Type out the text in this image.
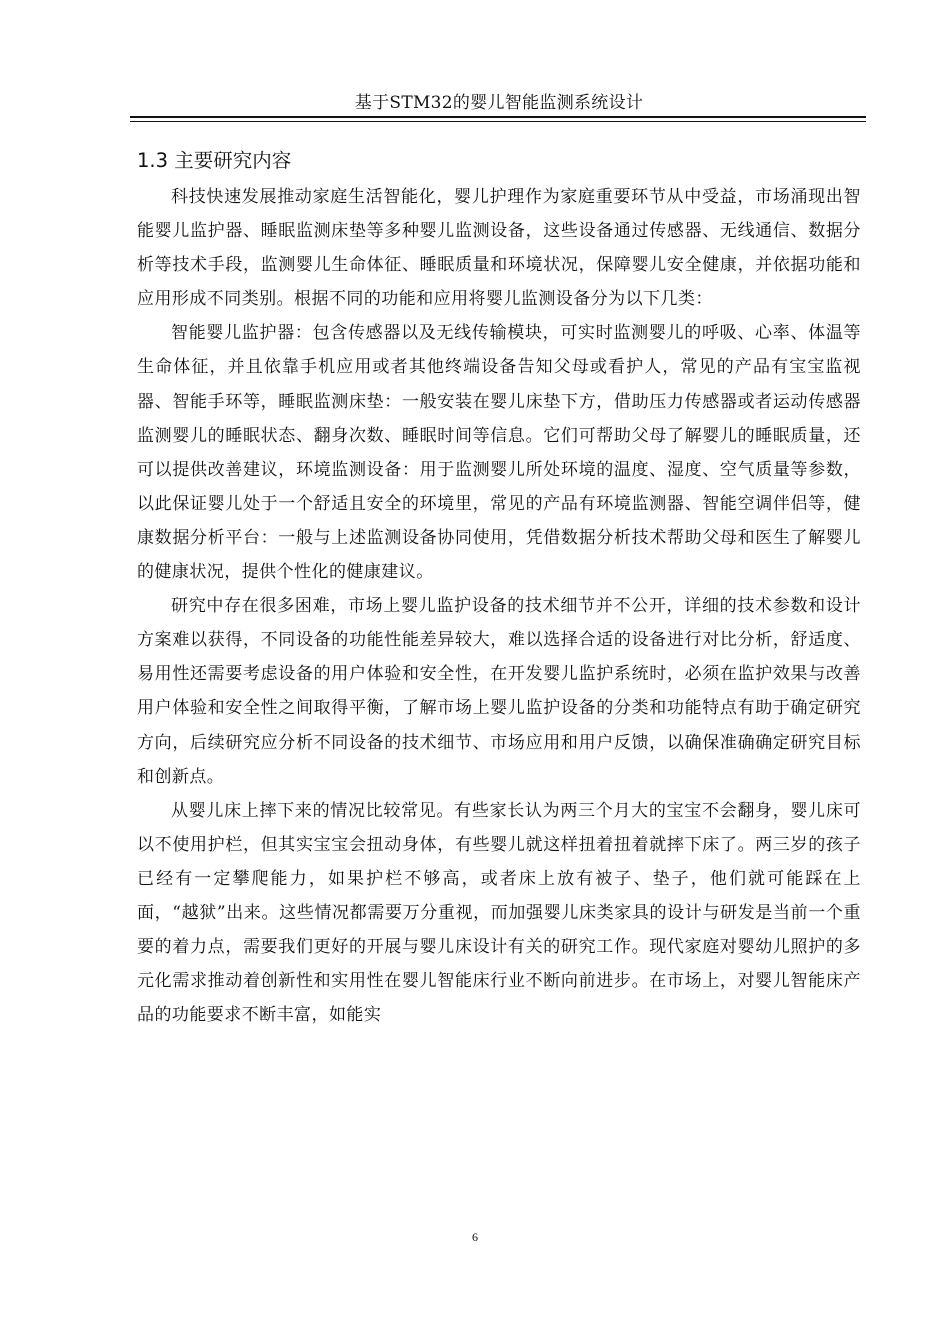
基于STM32的婴儿智能监测系统设计
1.3 主要研究内容

科技快速发展推动家庭生活智能化，婴儿护理作为家庭重要环节从中受益，市场涌现出智能婴儿监护器、睡眠监测床垫等多种婴儿监测设备，这些设备通过传感器、无线通信、数据分析等技术手段，监测婴儿生命体征、睡眠质量和环境状况，保障婴儿安全健康，并依据功能和应用形成不同类别。根据不同的功能和应用将婴儿监测设备分为以下几类：

智能婴儿监护器：包含传感器以及无线传输模块，可实时监测婴儿的呼吸、心率、体温等生命体征，并且依靠手机应用或者其他终端设备告知父母或看护人，常见的产品有宝宝监视器、智能手环等，睡眠监测床垫：一般安装在婴儿床垫下方，借助压力传感器或者运动传感器监测婴儿的睡眠状态、翻身次数、睡眠时间等信息。它们可帮助父母了解婴儿的睡眠质量，还可以提供改善建议，环境监测设备：用于监测婴儿所处环境的温度、湿度、空气质量等参数，以此保证婴儿处于一个舒适且安全的环境里，常见的产品有环境监测器、智能空调伴侣等，健康数据分析平台：一般与上述监测设备协同使用，凭借数据分析技术帮助父母和医生了解婴儿的健康状况，提供个性化的健康建议。

研究中存在很多困难，市场上婴儿监护设备的技术细节并不公开，详细的技术参数和设计方案难以获得，不同设备的功能性能差异较大，难以选择合适的设备进行对比分析，舒适度、易用性还需要考虑设备的用户体验和安全性，在开发婴儿监护系统时，必须在监护效果与改善用户体验和安全性之间取得平衡，了解市场上婴儿监护设备的分类和功能特点有助于确定研究方向，后续研究应分析不同设备的技术细节、市场应用和用户反馈，以确保准确确定研究目标和创新点。

从婴儿床上摔下来的情况比较常见。有些家长认为两三个月大的宝宝不会翻身，婴儿床可以不使用护栏，但其实宝宝会扭动身体，有些婴儿就这样扭着扭着就摔下床了。两三岁的孩子已经有一定攀爬能力，如果护栏不够高，或者床上放有被子、垫子，他们就可能踩在上面，“越狱”出来。这些情况都需要万分重视，而加强婴儿床类家具的设计与研发是当前一个重要的着力点，需要我们更好的开展与婴儿床设计有关的研究工作。现代家庭对婴幼儿照护的多元化需求推动着创新性和实用性在婴儿智能床行业不断向前进步。在市场上，对婴儿智能床产品的功能要求不断丰富，如能实

6
